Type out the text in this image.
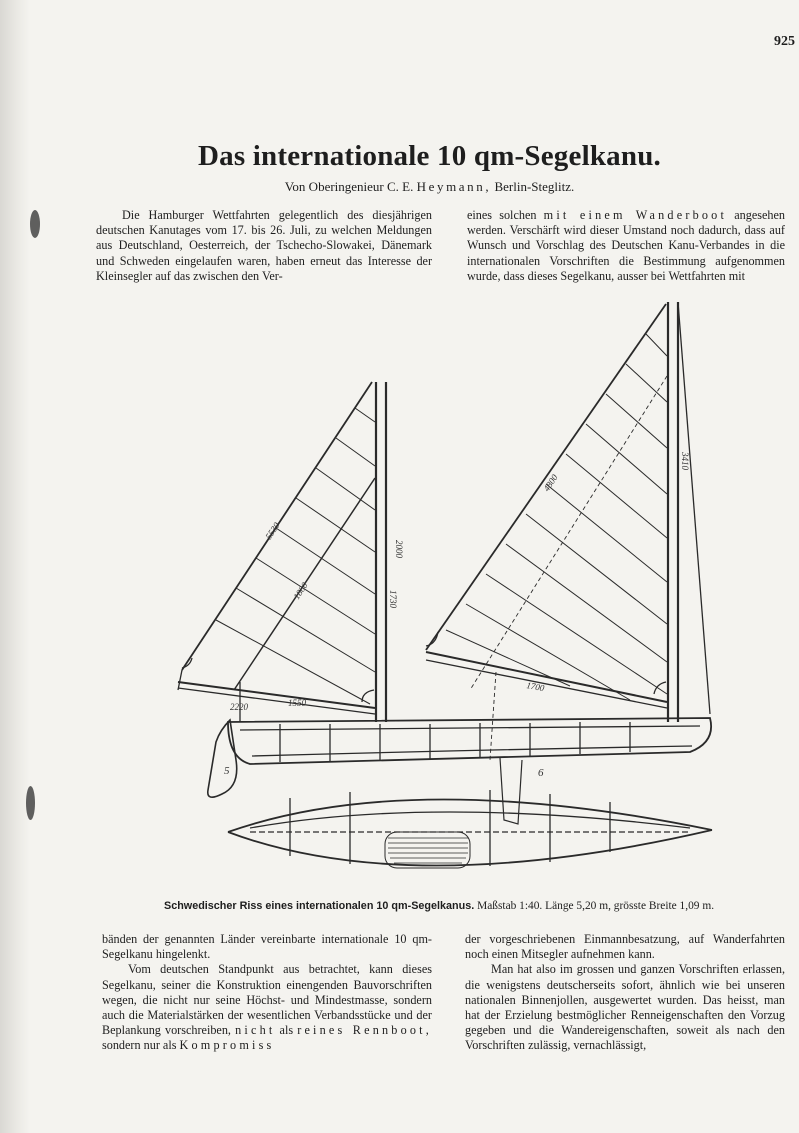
925
Das internationale 10 qm-Segelkanu.
Von Oberingenieur C. E. Heymann, Berlin-Steglitz.

Die Hamburger Wettfahrten gelegentlich des diesjährigen deutschen Kanutages vom 17. bis 26. Juli, zu welchen Meldungen aus Deutschland, Oesterreich, der Tschecho-Slowakei, Dänemark und Schweden eingelaufen waren, haben erneut das Interesse der Kleinsegler auf das zwischen den Ver-

eines solchen mit einem Wanderboot angesehen werden. Verschärft wird dieser Umstand noch dadurch, dass auf Wunsch und Vorschlag des Deutschen Kanu-Verbandes in die internationalen Vorschriften die Bestimmung aufgenommen wurde, dass dieses Segelkanu, ausser bei Wettfahrten mit

5530
1800
2000
1730
2220	1550
4800
3410
1700
5	6
Schwedischer Riss eines internationalen 10 qm-Segelkanus. Maßstab 1:40. Länge 5,20 m, grösste Breite 1,09 m.

bänden der genannten Länder vereinbarte internationale 10 qm-Segelkanu hingelenkt.

Vom deutschen Standpunkt aus betrachtet, kann dieses Segelkanu, seiner die Konstruktion einengenden Bauvorschriften wegen, die nicht nur seine Höchst- und Mindestmasse, sondern auch die Materialstärken der wesentlichen Verbandsstücke und der Beplankung vorschreiben, nicht als reines Rennboot, sondern nur als Kompromiss

der vorgeschriebenen Einmannbesatzung, auf Wanderfahrten noch einen Mitsegler aufnehmen kann.

Man hat also im grossen und ganzen Vorschriften erlassen, die wenigstens deutscherseits sofort, ähnlich wie bei unseren nationalen Binnenjollen, ausgewertet wurden. Das heisst, man hat der Erzielung bestmöglicher Renneigenschaften den Vorzug gegeben und die Wandereigenschaften, soweit als nach den Vorschriften zulässig, vernachlässigt,
